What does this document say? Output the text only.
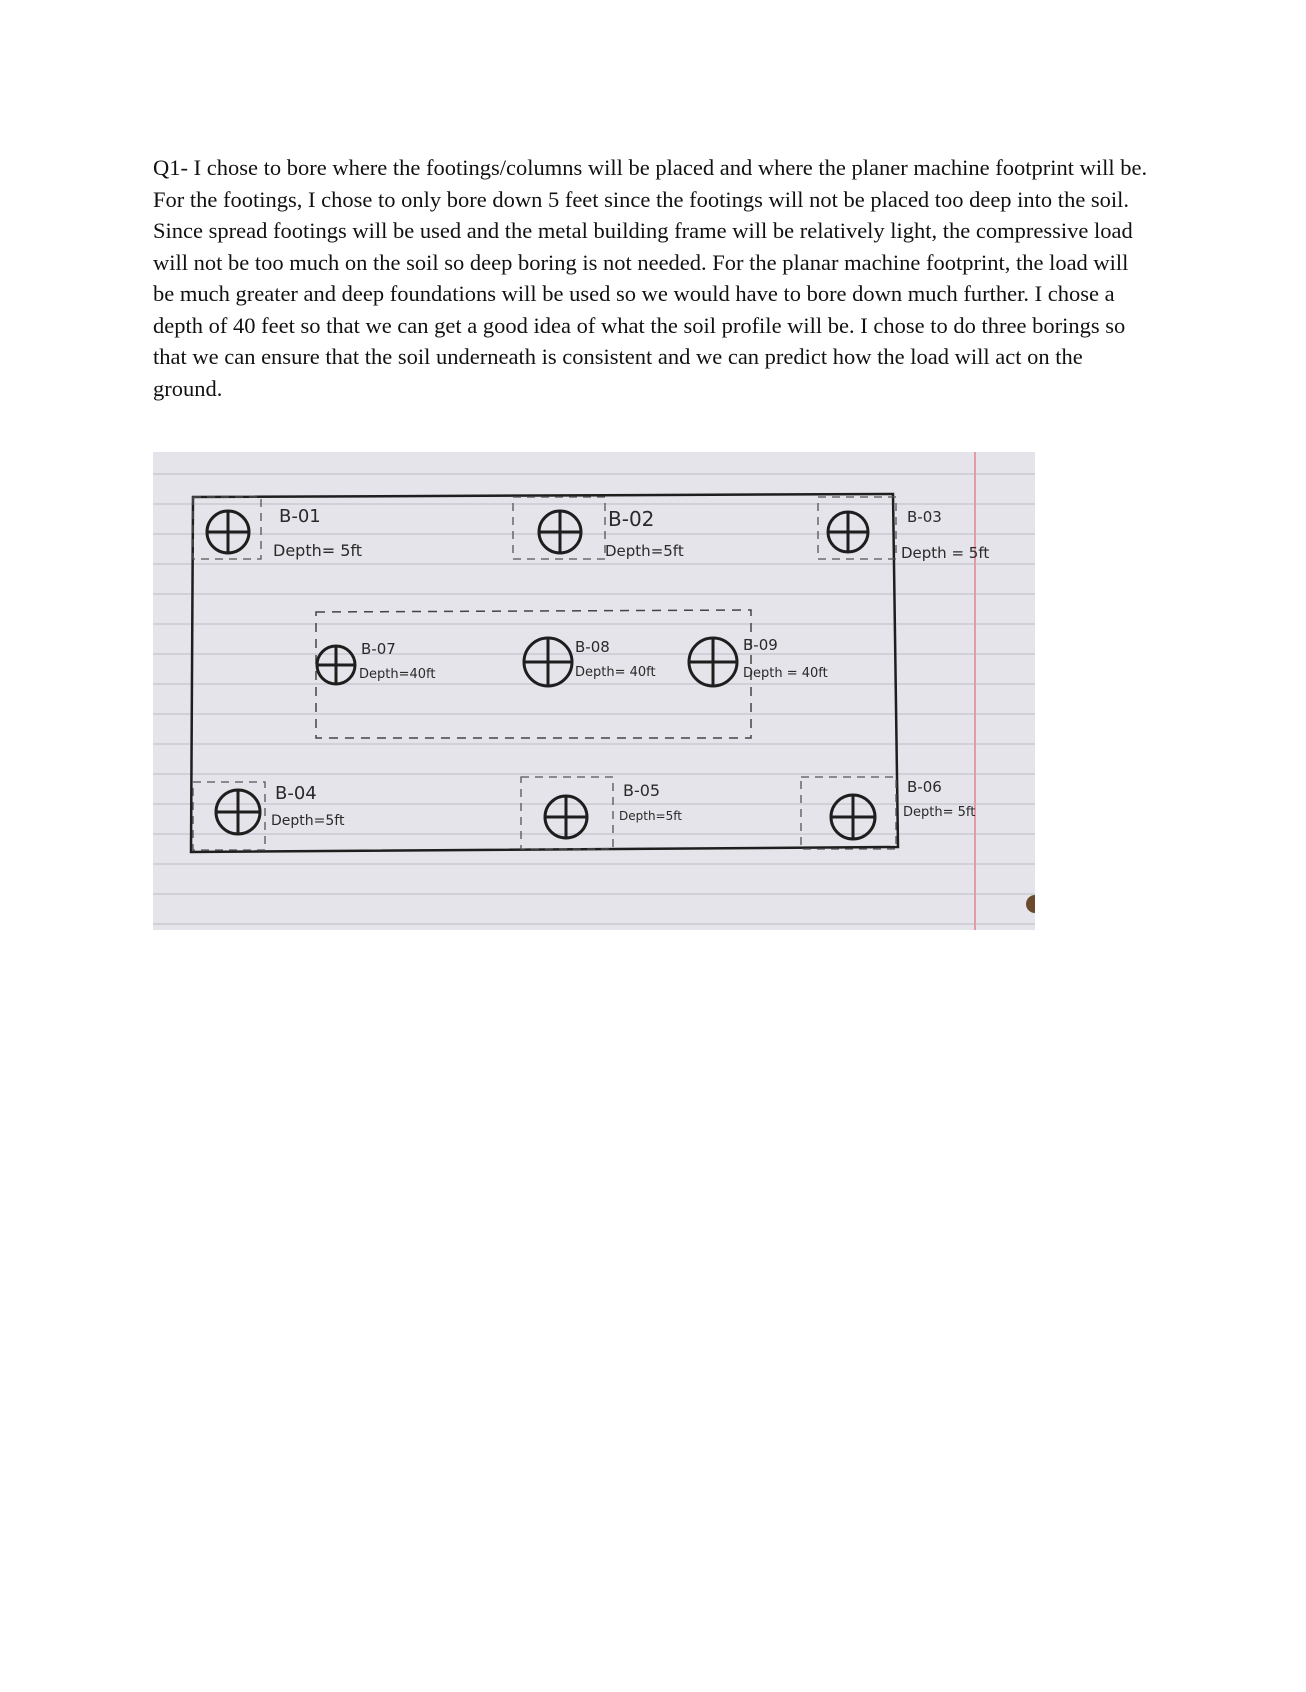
Q1- I chose to bore where the footings/columns will be placed and where the planer machine footprint will be. For the footings, I chose to only bore down 5 feet since the footings will not be placed too deep into the soil. Since spread footings will be used and the metal building frame will be relatively light, the compressive load will not be too much on the soil so deep boring is not needed. For the planar machine footprint, the load will be much greater and deep foundations will be used so we would have to bore down much further. I chose a depth of 40 feet so that we can get a good idea of what the soil profile will be. I chose to do three borings so that we can ensure that the soil underneath is consistent and we can predict how the load will act on the ground.

B-01
Depth= 5ft
B-02
Depth=5ft
B-03
Depth = 5ft
B-07
Depth=40ft
B-08
Depth= 40ft
B-09
Depth = 40ft
B-04
Depth=5ft
B-05
Depth=5ft
B-06
Depth= 5ft
